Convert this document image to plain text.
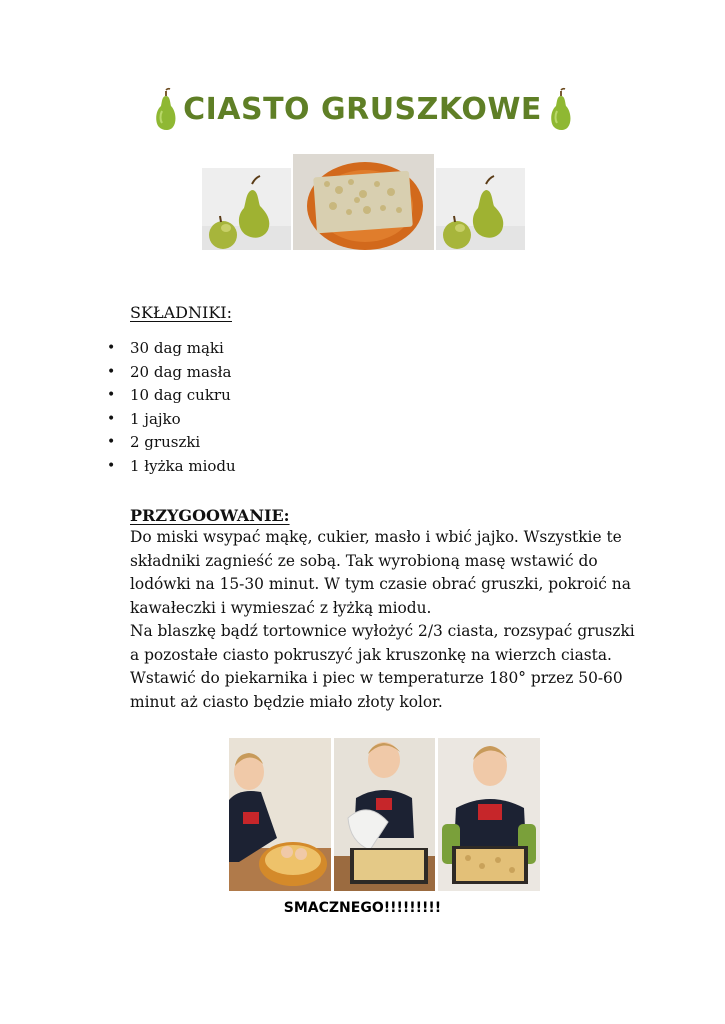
CIASTO GRUSZKOWE
SKŁADNIKI:
• 30 dag mąki
• 20 dag masła
• 10 dag cukru
• 1 jajko
• 2 gruszki
• 1 łyżka miodu
PRZYGOOWANIE:

Do miski wsypać mąkę, cukier, masło i wbić jajko. Wszystkie te

składniki zagnieść ze sobą. Tak wyrobioną masę wstawić do

lodówki na 15-30 minut. W tym czasie obrać gruszki, pokroić na

kawałeczki i wymieszać z łyżką miodu.

Na blaszkę bądź tortownice wyłożyć 2/3 ciasta, rozsypać gruszki

a pozostałe ciasto pokruszyć jak kruszonkę na wierzch ciasta.

Wstawić do piekarnika i piec w temperaturze 180° przez 50-60

minut aż ciasto będzie miało złoty kolor.

SMACZNEGO!!!!!!!!!
